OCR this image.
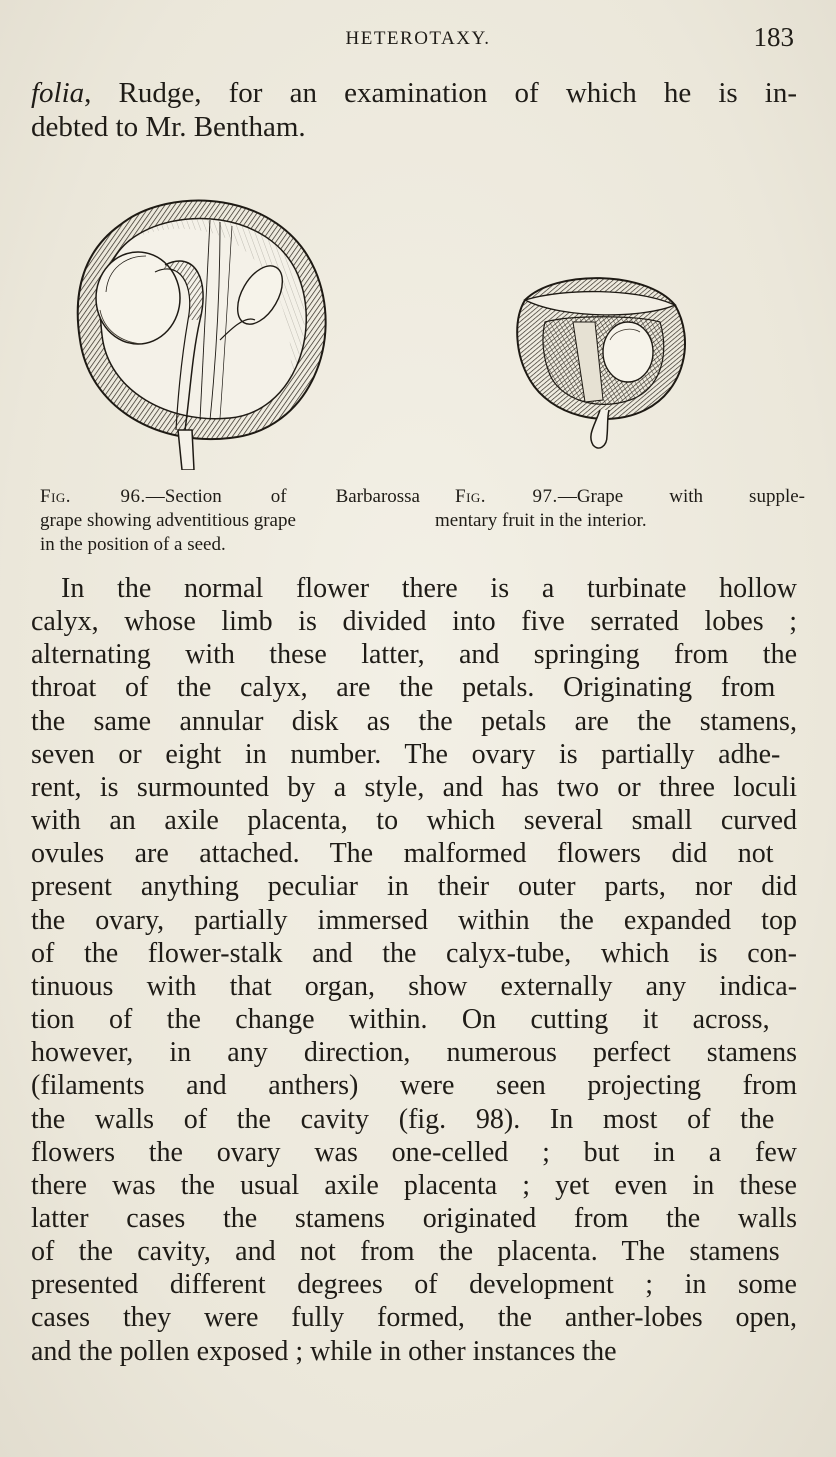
HETEROTAXY.	183
folia, Rudge, for an examination of which he is in-
debted to Mr. Bentham.
Fig. 96.—Section of Barbarossa
grape showing adventitious grape
in the position of a seed.
Fig. 97.—Grape with supple-
mentary fruit in the interior.
In the normal flower there is a turbinate hollow
calyx, whose limb is divided into five serrated lobes ;
alternating with these latter, and springing from the
throat of the calyx, are the petals. Originating from
the same annular disk as the petals are the stamens,
seven or eight in number. The ovary is partially adhe-
rent, is surmounted by a style, and has two or three loculi
with an axile placenta, to which several small curved
ovules are attached. The malformed flowers did not
present anything peculiar in their outer parts, nor did
the ovary, partially immersed within the expanded top
of the flower-stalk and the calyx-tube, which is con-
tinuous with that organ, show externally any indica-
tion of the change within. On cutting it across,
however, in any direction, numerous perfect stamens
(filaments and anthers) were seen projecting from
the walls of the cavity (fig. 98). In most of the
flowers the ovary was one-celled ; but in a few
there was the usual axile placenta ; yet even in these
latter cases the stamens originated from the walls
of the cavity, and not from the placenta. The stamens
presented different degrees of development ; in some
cases they were fully formed, the anther-lobes open,
and the pollen exposed ; while in other instances the
